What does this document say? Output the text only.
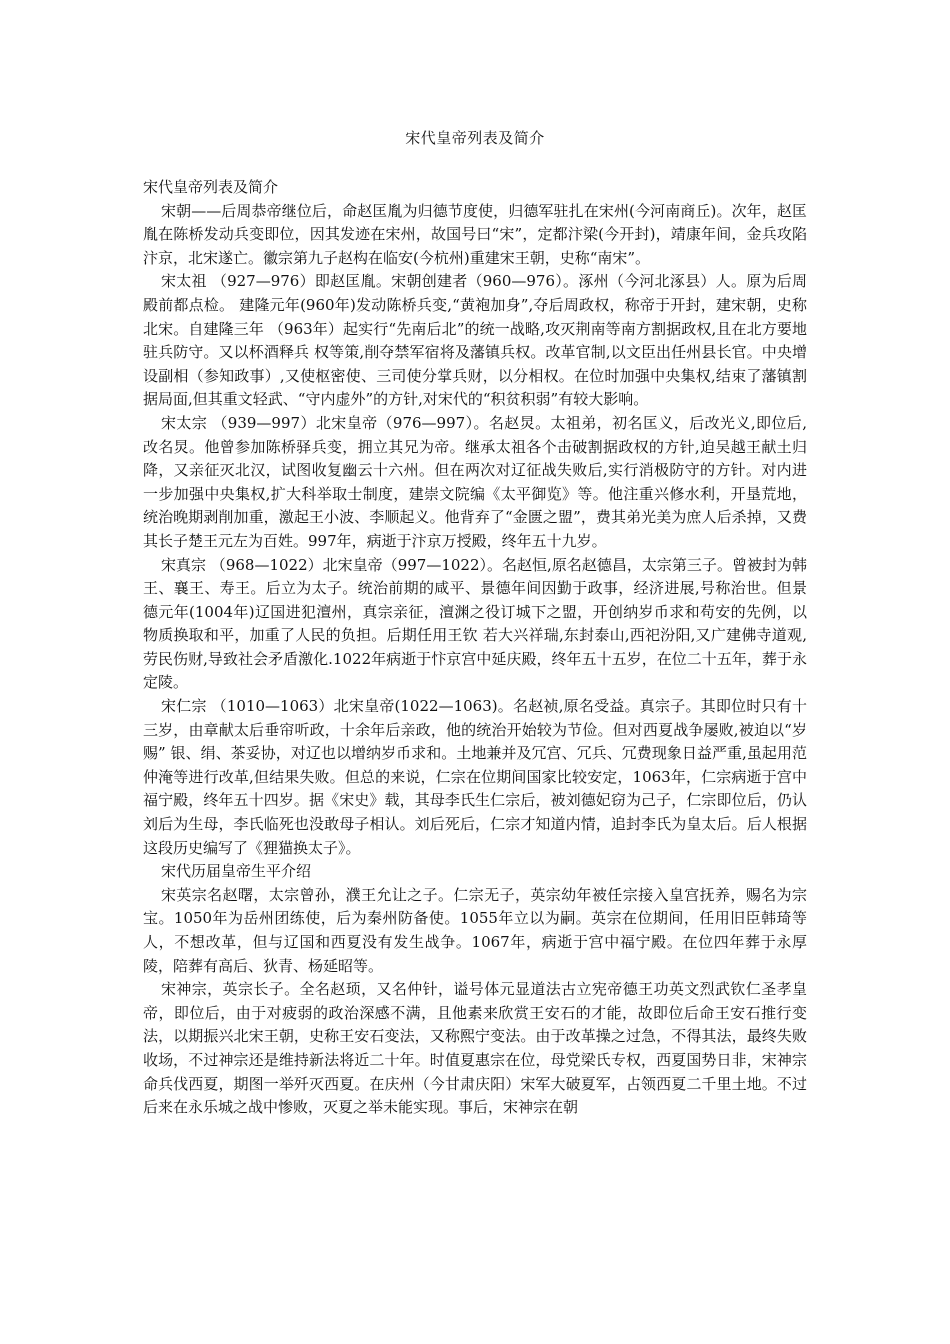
宋代皇帝列表及简介

宋代皇帝列表及简介

宋朝——后周恭帝继位后，命赵匡胤为归德节度使，归德军驻扎在宋州(今河南商丘)。次年，赵匡胤在陈桥发动兵变即位，因其发迹在宋州，故国号曰“宋”，定都汴梁(今开封)，靖康年间，金兵攻陷汴京，北宋遂亡。徽宗第九子赵构在临安(今杭州)重建宋王朝，史称“南宋”。

宋太祖 （927—976）即赵匡胤。宋朝创建者（960—976）。涿州（今河北涿县）人。原为后周殿前都点检。 建隆元年(960年)发动陈桥兵变,“黄袍加身”,夺后周政权，称帝于开封，建宋朝，史称北宋。自建隆三年 （963年）起实行“先南后北”的统一战略,攻灭荆南等南方割据政权,且在北方要地驻兵防守。又以杯酒释兵 权等策,削夺禁军宿将及藩镇兵权。改革官制,以文臣出任州县长官。中央增设副相（参知政事）,又使枢密使、三司使分掌兵财，以分相权。在位时加强中央集权,结束了藩镇割据局面,但其重文轻武、“守内虚外”的方针,对宋代的“积贫积弱”有较大影响。

宋太宗 （939—997）北宋皇帝（976—997）。名赵炅。太祖弟，初名匡义，后改光义,即位后,改名炅。他曾参加陈桥驿兵变，拥立其兄为帝。继承太祖各个击破割据政权的方针,迫吴越王献土归降，又亲征灭北汉，试图收复幽云十六州。但在两次对辽征战失败后,实行消极防守的方针。对内进一步加强中央集权,扩大科举取士制度，建崇文院编《太平御览》等。他注重兴修水利，开垦荒地，统治晚期剥削加重，激起王小波、李顺起义。他背弃了“金匮之盟”，费其弟光美为庶人后杀掉，又费其长子楚王元左为百姓。997年，病逝于汴京万授殿，终年五十九岁。

宋真宗 （968—1022）北宋皇帝（997—1022）。名赵恒,原名赵德昌，太宗第三子。曾被封为韩王、襄王、寿王。后立为太子。统治前期的咸平、景德年间因勤于政事，经济进展,号称治世。但景德元年(1004年)辽国进犯澶州，真宗亲征，澶渊之役订城下之盟，开创纳岁币求和苟安的先例，以物质换取和平，加重了人民的负担。后期任用王钦 若大兴祥瑞,东封泰山,西祀汾阳,又广建佛寺道观,劳民伤财,导致社会矛盾激化.1022年病逝于忭京宫中延庆殿，终年五十五岁，在位二十五年，葬于永定陵。

宋仁宗 （1010—1063）北宋皇帝(1022—1063)。名赵祯,原名受益。真宗子。其即位时只有十三岁，由章献太后垂帘听政，十余年后亲政，他的统治开始较为节俭。但对西夏战争屡败,被迫以“岁赐” 银、绢、茶妥协，对辽也以增纳岁币求和。土地兼并及冗宫、冗兵、冗费现象日益严重,虽起用范仲淹等进行改革,但结果失败。但总的来说，仁宗在位期间国家比较安定，1063年，仁宗病逝于宫中福宁殿，终年五十四岁。据《宋史》载，其母李氏生仁宗后，被刘德妃窃为己子，仁宗即位后，仍认刘后为生母，李氏临死也没敢母子相认。刘后死后，仁宗才知道内情，追封李氏为皇太后。后人根据这段历史编写了《狸猫换太子》。

宋代历届皇帝生平介绍

宋英宗名赵曙，太宗曾孙，濮王允让之子。仁宗无子，英宗幼年被任宗接入皇宫抚养，赐名为宗宝。1050年为岳州团练使，后为秦州防备使。1055年立以为嗣。英宗在位期间，任用旧臣韩琦等人，不想改革，但与辽国和西夏没有发生战争。1067年，病逝于宫中福宁殿。在位四年葬于永厚陵，陪葬有高后、狄青、杨延昭等。

宋神宗，英宗长子。全名赵顼，又名仲针，谥号体元显道法古立宪帝德王功英文烈武钦仁圣孝皇帝，即位后，由于对疲弱的政治深感不满，且他素来欣赏王安石的才能，故即位后命王安石推行变法，以期振兴北宋王朝，史称王安石变法，又称熙宁变法。由于改革操之过急，不得其法，最终失败收场，不过神宗还是维持新法将近二十年。时值夏惠宗在位，母党梁氏专权，西夏国势日非，宋神宗命兵伐西夏，期图一举歼灭西夏。在庆州（今甘肃庆阳）宋军大破夏军，占领西夏二千里土地。不过后来在永乐城之战中惨败，灭夏之举未能实现。事后，宋神宗在朝
